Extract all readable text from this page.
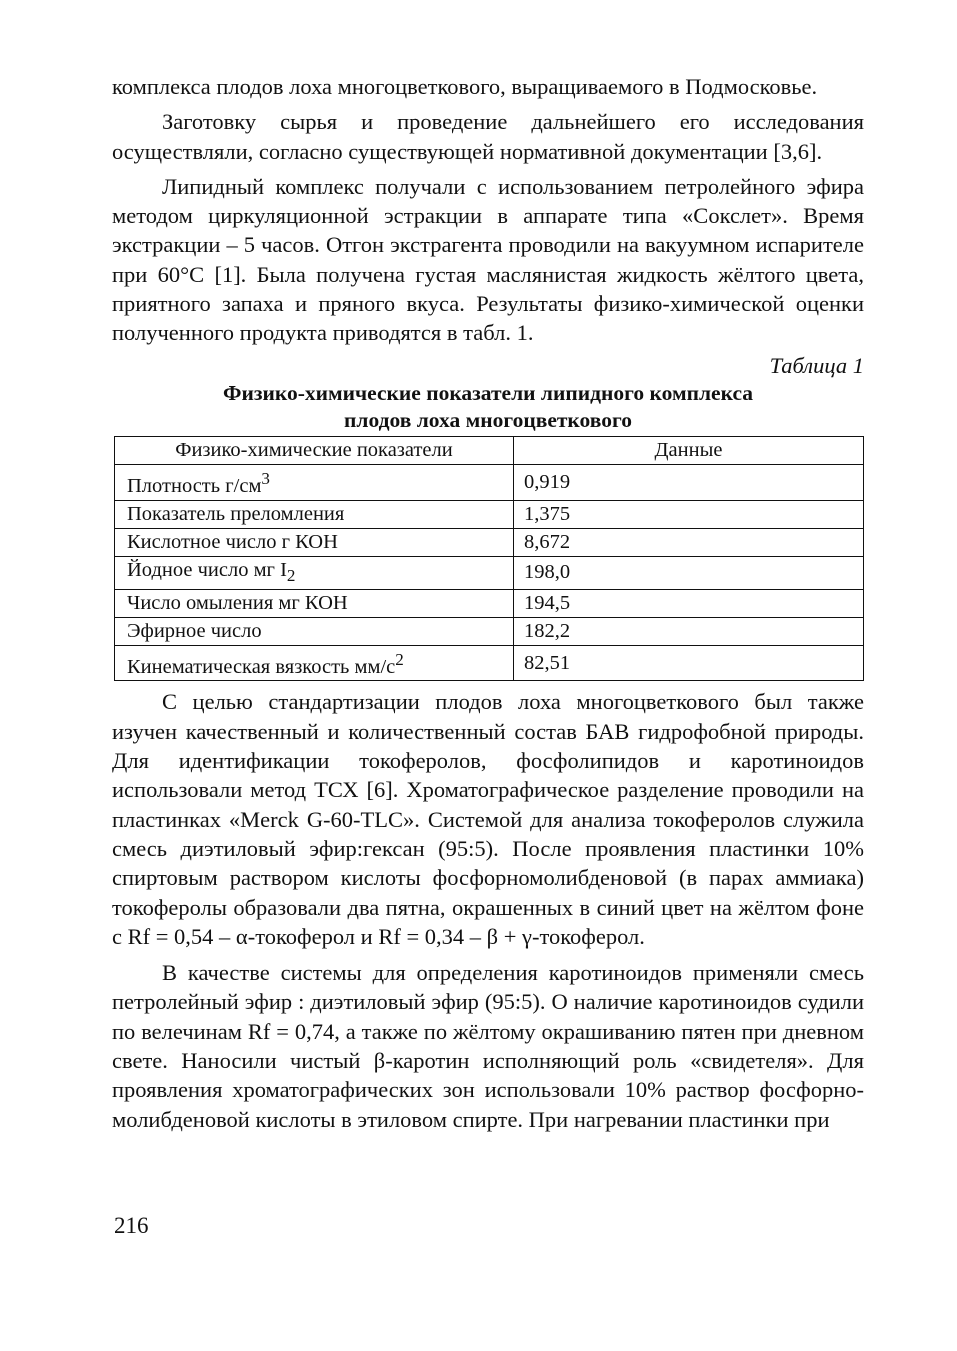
комплекса плодов лоха многоцветкового, выращиваемого в Подмосковье.

Заготовку сырья и проведение дальнейшего его исследования осуществляли, согласно существующей нормативной документации [3,6].

Липидный комплекс получали с использованием петролейного эфира методом циркуляционной эстракции в аппарате типа «Сокслет». Время экстракции – 5 часов. Отгон экстрагента проводили на вакуумном испарителе при 60°С [1]. Была получена густая маслянистая жидкость жёлтого цвета, приятного запаха и пряного вкуса. Результаты физико-химической оценки полученного продукта приводятся в табл. 1.

Таблица 1
Физико-химические показатели липидного комплекса
плодов лоха многоцветкового
Физико-химические показатели	Данные
Плотность $г/см^3$	0,919
Показатель преломления	1,375
Кислотное число г КОН	8,672
Йодное число мг $I_2$	198,0
Число омыления мг КОН	194,5
Эфирное число	182,2
Кинематическая вязкость $мм/с^2$	82,51

С целью стандартизации плодов лоха многоцветкового был также изучен качественный и количественный состав БАВ гидрофобной природы. Для идентификации токоферолов, фосфолипидов и каротиноидов использовали метод ТСХ [6]. Хроматографическое разделение проводили на пластинках «Merck G-60-TLC». Системой для анализа токоферолов служила смесь диэтиловый эфир:гексан (95:5). После проявления пластинки 10% спиртовым раствором кислоты фосфорномолибденовой (в парах аммиака) токоферолы образовали два пятна, окрашенных в синий цвет на жёлтом фоне с Rf = 0,54 – α-токоферол и Rf = 0,34 – β + γ-токоферол.

В качестве системы для определения каротиноидов применяли смесь петролейный эфир : диэтиловый эфир (95:5). О наличие каротиноидов судили по велечинам Rf = 0,74, а также по жёлтому окрашиванию пятен при дневном свете. Наносили чистый β-каротин исполняющий роль «свидетеля». Для проявления хроматографических зон использовали 10% раствор фосфорно-молибденовой кислоты в этиловом спирте. При нагревании пластинки при

216
